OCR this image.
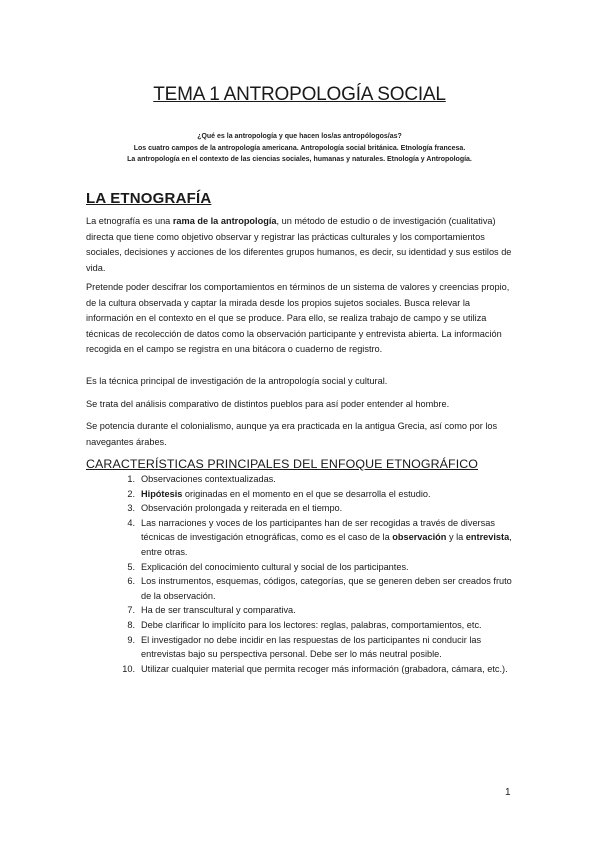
TEMA 1 ANTROPOLOGÍA SOCIAL
¿Qué es la antropología y que hacen los/as antropólogos/as?
Los cuatro campos de la antropología americana. Antropología social británica. Etnología francesa.
La antropología en el contexto de las ciencias sociales, humanas y naturales. Etnología y Antropología.
LA ETNOGRAFÍA
La etnografía es una rama de la antropología, un método de estudio o de investigación (cualitativa) directa que tiene como objetivo observar y registrar las prácticas culturales y los comportamientos sociales, decisiones y acciones de los diferentes grupos humanos, es decir, su identidad y sus estilos de vida.
Pretende poder descifrar los comportamientos en términos de un sistema de valores y creencias propio, de la cultura observada y captar la mirada desde los propios sujetos sociales. Busca relevar la información en el contexto en el que se produce. Para ello, se realiza trabajo de campo y se utiliza técnicas de recolección de datos como la observación participante y entrevista abierta. La información recogida en el campo se registra en una bitácora o cuaderno de registro.
Es la técnica principal de investigación de la antropología social y cultural.
Se trata del análisis comparativo de distintos pueblos para así poder entender al hombre.
Se potencia durante el colonialismo, aunque ya era practicada en la antigua Grecia, así como por los navegantes árabes.
CARACTERÍSTICAS PRINCIPALES DEL ENFOQUE ETNOGRÁFICO
1. Observaciones contextualizadas.
2. Hipótesis originadas en el momento en el que se desarrolla el estudio.
3. Observación prolongada y reiterada en el tiempo.
4. Las narraciones y voces de los participantes han de ser recogidas a través de diversas técnicas de investigación etnográficas, como es el caso de la observación y la entrevista, entre otras.
5. Explicación del conocimiento cultural y social de los participantes.
6. Los instrumentos, esquemas, códigos, categorías, que se generen deben ser creados fruto de la observación.
7. Ha de ser transcultural y comparativa.
8. Debe clarificar lo implícito para los lectores: reglas, palabras, comportamientos, etc.
9. El investigador no debe incidir en las respuestas de los participantes ni conducir las entrevistas bajo su perspectiva personal. Debe ser lo más neutral posible.
10. Utilizar cualquier material que permita recoger más información (grabadora, cámara, etc.).
1
